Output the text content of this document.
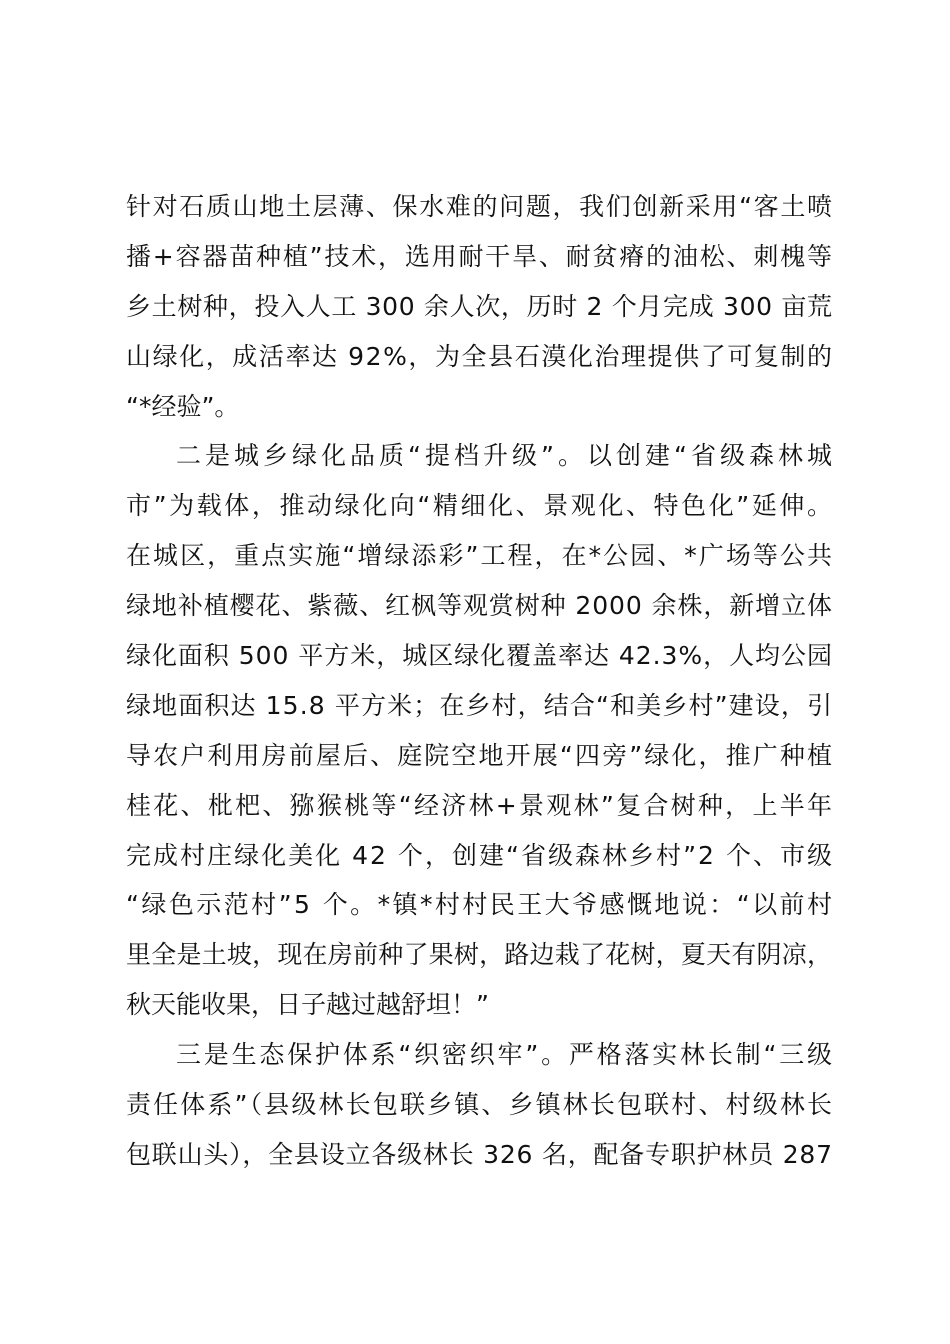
针对石质山地土层薄、保水难的问题，我们创新采用“客土喷
播+容器苗种植”技术，选用耐干旱、耐贫瘠的油松、刺槐等
乡土树种，投入人工 300 余人次，历时 2 个月完成 300 亩荒
山绿化，成活率达 92%，为全县石漠化治理提供了可复制的
“*经验”。
二是城乡绿化品质“提档升级”。以创建“省级森林城
市”为载体，推动绿化向“精细化、景观化、特色化”延伸。
在城区，重点实施“增绿添彩”工程，在*公园、*广场等公共
绿地补植樱花、紫薇、红枫等观赏树种 2000 余株，新增立体
绿化面积 500 平方米，城区绿化覆盖率达 42.3%，人均公园
绿地面积达 15.8 平方米；在乡村，结合“和美乡村”建设，引
导农户利用房前屋后、庭院空地开展“四旁”绿化，推广种植
桂花、枇杷、猕猴桃等“经济林+景观林”复合树种，上半年
完成村庄绿化美化 42 个，创建“省级森林乡村”2 个、市级
“绿色示范村”5 个。*镇*村村民王大爷感慨地说：“以前村
里全是土坡，现在房前种了果树，路边栽了花树，夏天有阴凉，
秋天能收果，日子越过越舒坦！”
三是生态保护体系“织密织牢”。严格落实林长制“三级
责任体系”（县级林长包联乡镇、乡镇林长包联村、村级林长
包联山头），全县设立各级林长 326 名，配备专职护林员 287
